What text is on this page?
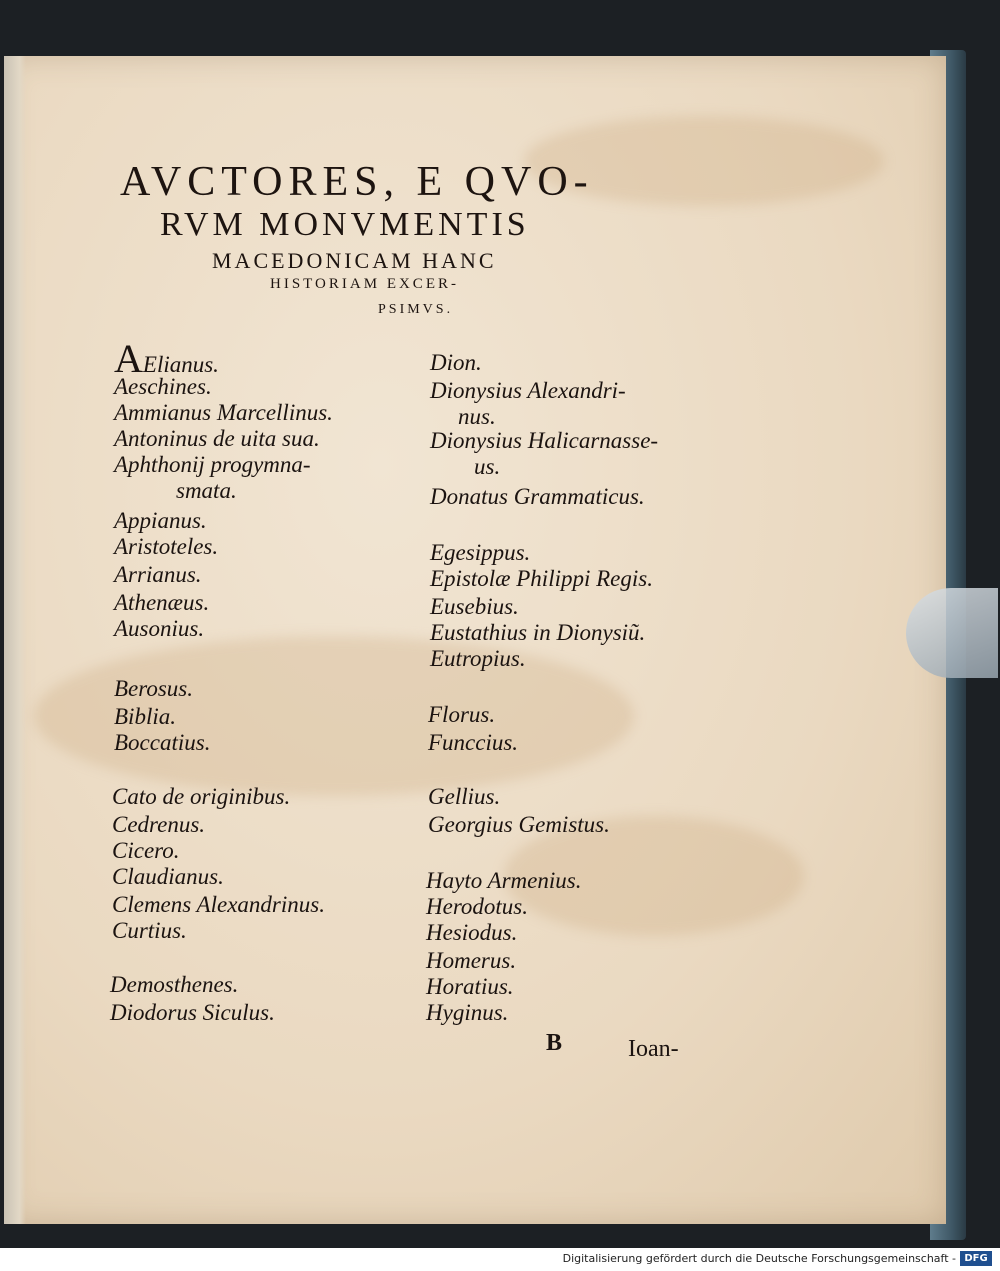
AVCTORES, E QVO-
RVM MONVMENTIS
MACEDONICAM HANC
HISTORIAM EXCER-
PSIMVS.
AElianus.
Aeschines.
Ammianus Marcellinus.
Antoninus de uita sua.
Aphthonij progymna-
smata.
Appianus.
Aristoteles.
Arrianus.
Athenæus.
Ausonius.
Berosus.
Biblia.
Boccatius.
Cato de originibus.
Cedrenus.
Cicero.
Claudianus.
Clemens Alexandrinus.
Curtius.
Demosthenes.
Diodorus Siculus.
Dion.
Dionysius Alexandri-
nus.
Dionysius Halicarnasse-
us.
Donatus Grammaticus.
Egesippus.
Epistolæ Philippi Regis.
Eusebius.
Eustathius in Dionysiũ.
Eutropius.
Florus.
Funccius.
Gellius.
Georgius Gemistus.
Hayto Armenius.
Herodotus.
Hesiodus.
Homerus.
Horatius.
Hyginus.
B	Ioan-
Digitalisierung gefördert durch die Deutsche Forschungsgemeinschaft - DFG
